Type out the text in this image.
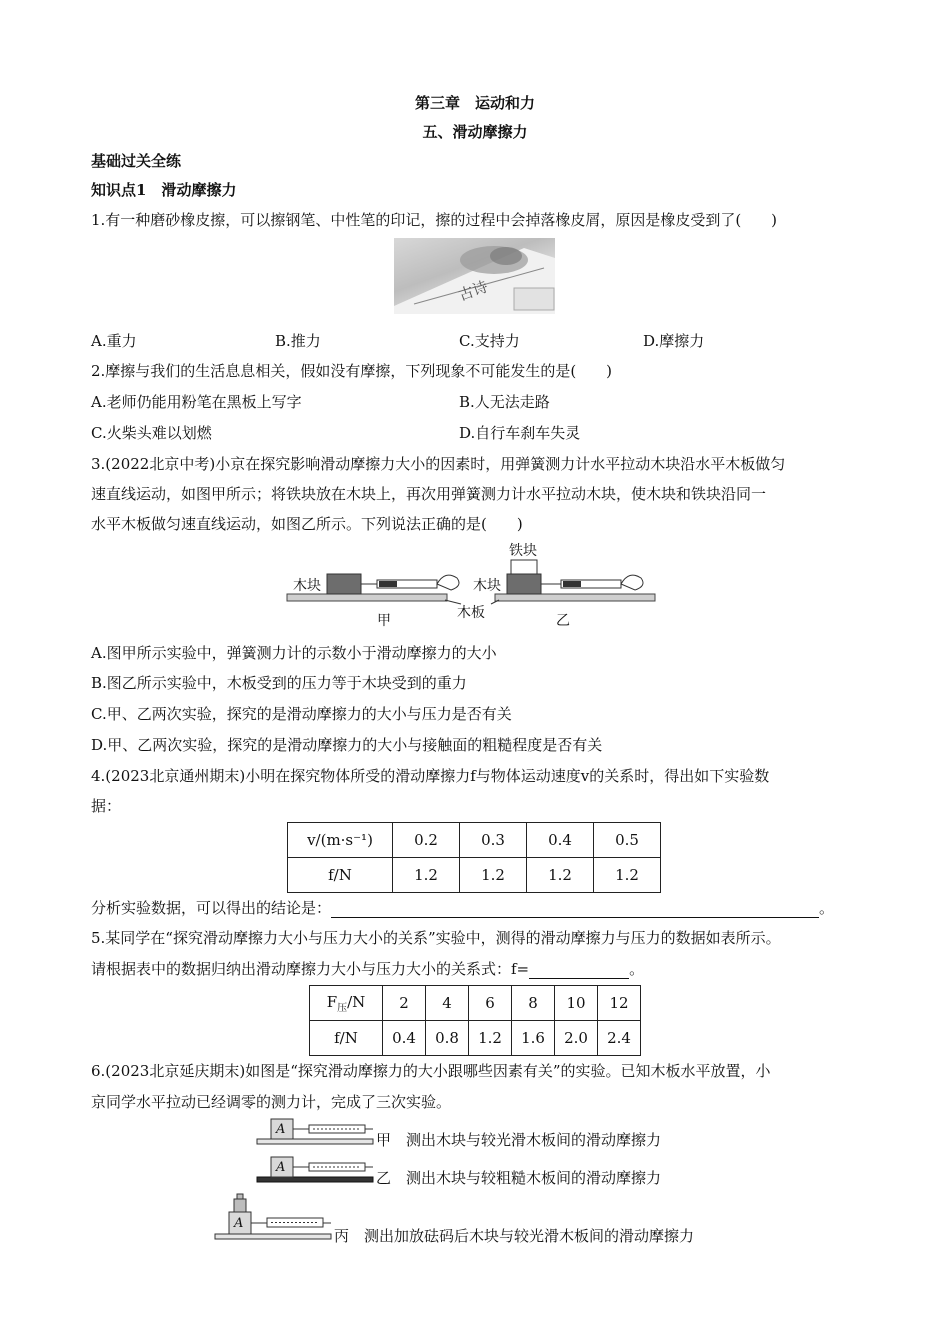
第三章　运动和力
五、滑动摩擦力
基础过关全练
知识点1　滑动摩擦力
1.有一种磨砂橡皮擦，可以擦钢笔、中性笔的印记，擦的过程中会掉落橡皮屑，原因是橡皮受到了(　　)
古诗
A.重力	B.推力	C.支持力	D.摩擦力
2.摩擦与我们的生活息息相关，假如没有摩擦，下列现象不可能发生的是(　　)
A.老师仍能用粉笔在黑板上写字	B.人无法走路
C.火柴头难以划燃	D.自行车刹车失灵
3.(2022北京中考)小京在探究影响滑动摩擦力大小的因素时，用弹簧测力计水平拉动木块沿水平木板做匀
速直线运动，如图甲所示；将铁块放在木块上，再次用弹簧测力计水平拉动木块，使木块和铁块沿同一
水平木板做匀速直线运动，如图乙所示。下列说法正确的是(　　)
木块	木块
铁块
木板
甲	乙
A.图甲所示实验中，弹簧测力计的示数小于滑动摩擦力的大小
B.图乙所示实验中，木板受到的压力等于木块受到的重力
C.甲、乙两次实验，探究的是滑动摩擦力的大小与压力是否有关
D.甲、乙两次实验，探究的是滑动摩擦力的大小与接触面的粗糙程度是否有关
4.(2023北京通州期末)小明在探究物体所受的滑动摩擦力f与物体运动速度v的关系时，得出如下实验数
据：
v/(m·s⁻¹)	0.2	0.3	0.4	0.5
f/N	1.2	1.2	1.2	1.2
分析实验数据，可以得出的结论是：	。
5.某同学在“探究滑动摩擦力大小与压力大小的关系”实验中，测得的滑动摩擦力与压力的数据如表所示。
请根据表中的数据归纳出滑动摩擦力大小与压力大小的关系式：f=	。
$F_压/N$	2	4	6	8	10	12
f/N	0.4	0.8	1.2	1.6	2.0	2.4
6.(2023北京延庆期末)如图是“探究滑动摩擦力的大小跟哪些因素有关”的实验。已知木板水平放置，小
京同学水平拉动已经调零的测力计，完成了三次实验。
A
甲　测出木块与较光滑木板间的滑动摩擦力
A
乙　测出木块与较粗糙木板间的滑动摩擦力
A
丙　测出加放砝码后木块与较光滑木板间的滑动摩擦力
